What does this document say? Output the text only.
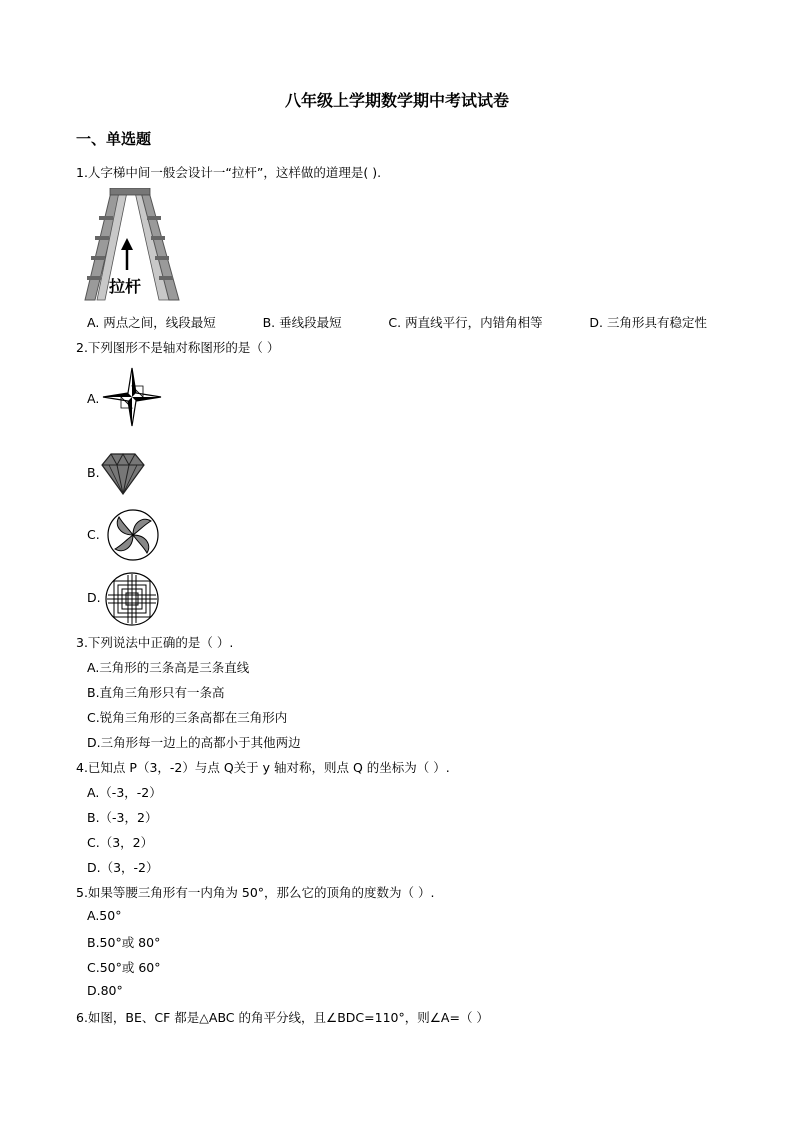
八年级上学期数学期中考试试卷
一、单选题
1.人字梯中间一般会设计一“拉杆”，这样做的道理是( ).
拉杆
A. 两点之间，线段最短	B. 垂线段最短	C. 两直线平行，内错角相等	D. 三角形具有稳定性
2.下列图形不是轴对称图形的是（ ）
A.
B.
C.
D.
3.下列说法中正确的是（ ）.
A.三角形的三条高是三条直线
B.直角三角形只有一条高
C.锐角三角形的三条高都在三角形内
D.三角形每一边上的高都小于其他两边
4.已知点 P（3，-2）与点 Q关于 y 轴对称，则点 Q 的坐标为（ ）.
A.（-3，-2）
B.（-3，2）
C.（3，2）
D.（3，-2）
5.如果等腰三角形有一内角为 50°，那么它的顶角的度数为（ ）.
A.50°
B.50°或 80°
C.50°或 60°
D.80°
6.如图，BE、CF 都是△ABC 的角平分线，且∠BDC=110°，则∠A=（ ）
